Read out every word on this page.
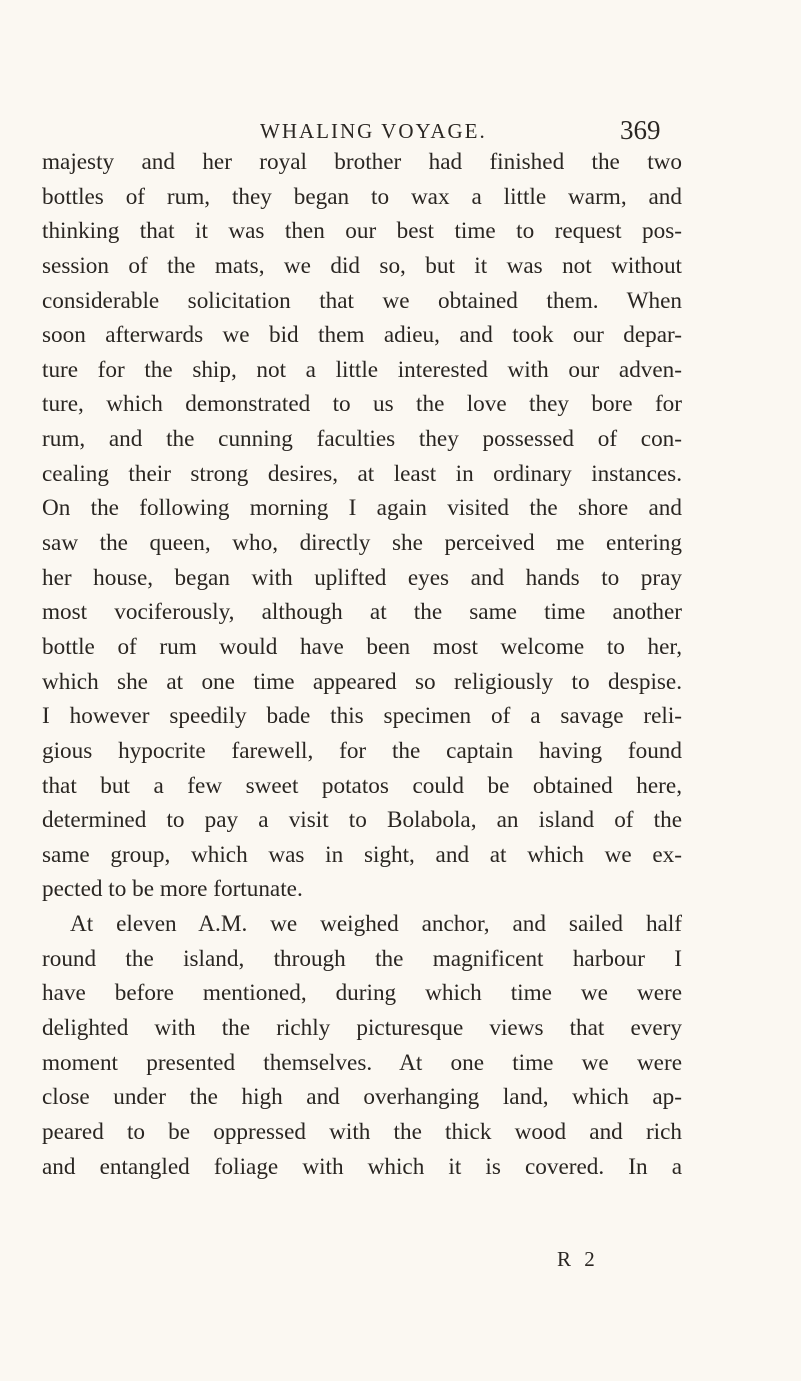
WHALING VOYAGE.	369
majesty and her royal brother had finished the two
bottles of rum, they began to wax a little warm, and
thinking that it was then our best time to request pos-
session of the mats, we did so, but it was not without
considerable solicitation that we obtained them. When
soon afterwards we bid them adieu, and took our depar-
ture for the ship, not a little interested with our adven-
ture, which demonstrated to us the love they bore for
rum, and the cunning faculties they possessed of con-
cealing their strong desires, at least in ordinary instances.
On the following morning I again visited the shore and
saw the queen, who, directly she perceived me entering
her house, began with uplifted eyes and hands to pray
most vociferously, although at the same time another
bottle of rum would have been most welcome to her,
which she at one time appeared so religiously to despise.
I however speedily bade this specimen of a savage reli-
gious hypocrite farewell, for the captain having found
that but a few sweet potatos could be obtained here,
determined to pay a visit to Bolabola, an island of the
same group, which was in sight, and at which we ex-
pected to be more fortunate.
At eleven A.M. we weighed anchor, and sailed half
round the island, through the magnificent harbour I
have before mentioned, during which time we were
delighted with the richly picturesque views that every
moment presented themselves. At one time we were
close under the high and overhanging land, which ap-
peared to be oppressed with the thick wood and rich
and entangled foliage with which it is covered. In a
R 2
